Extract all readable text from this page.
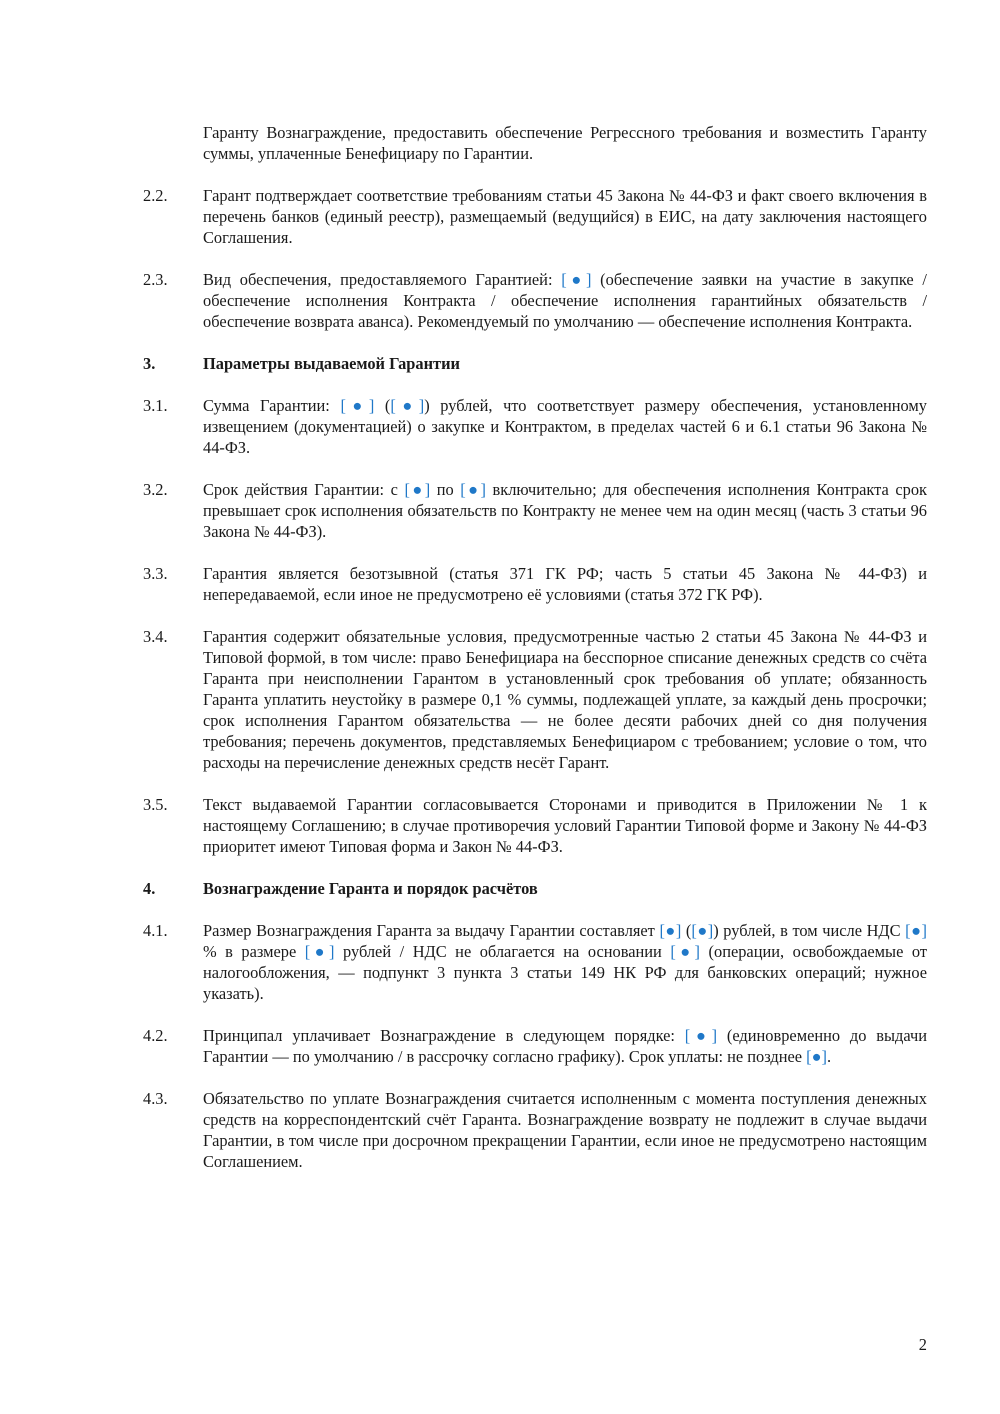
Гаранту Вознаграждение, предоставить обеспечение Регрессного требования и возместить Гаранту суммы, уплаченные Бенефициару по Гарантии.
2.2. Гарант подтверждает соответствие требованиям статьи 45 Закона № 44-ФЗ и факт своего включения в перечень банков (единый реестр), размещаемый (ведущийся) в ЕИС, на дату заключения настоящего Соглашения.
2.3. Вид обеспечения, предоставляемого Гарантией: [●] (обеспечение заявки на участие в закупке / обеспечение исполнения Контракта / обеспечение исполнения гарантийных обязательств / обеспечение возврата аванса). Рекомендуемый по умолчанию — обеспечение исполнения Контракта.
3.	Параметры выдаваемой Гарантии
3.1. Сумма Гарантии: [●] ([●]) рублей, что соответствует размеру обеспечения, установленному извещением (документацией) о закупке и Контрактом, в пределах частей 6 и 6.1 статьи 96 Закона № 44-ФЗ.
3.2. Срок действия Гарантии: с [●] по [●] включительно; для обеспечения исполнения Контракта срок превышает срок исполнения обязательств по Контракту не менее чем на один месяц (часть 3 статьи 96 Закона № 44-ФЗ).
3.3. Гарантия является безотзывной (статья 371 ГК РФ; часть 5 статьи 45 Закона № 44-ФЗ) и непередаваемой, если иное не предусмотрено её условиями (статья 372 ГК РФ).
3.4. Гарантия содержит обязательные условия, предусмотренные частью 2 статьи 45 Закона № 44-ФЗ и Типовой формой, в том числе: право Бенефициара на бесспорное списание денежных средств со счёта Гаранта при неисполнении Гарантом в установленный срок требования об уплате; обязанность Гаранта уплатить неустойку в размере 0,1 % суммы, подлежащей уплате, за каждый день просрочки; срок исполнения Гарантом обязательства — не более десяти рабочих дней со дня получения требования; перечень документов, представляемых Бенефициаром с требованием; условие о том, что расходы на перечисление денежных средств несёт Гарант.
3.5. Текст выдаваемой Гарантии согласовывается Сторонами и приводится в Приложении № 1 к настоящему Соглашению; в случае противоречия условий Гарантии Типовой форме и Закону № 44-ФЗ приоритет имеют Типовая форма и Закон № 44-ФЗ.
4.	Вознаграждение Гаранта и порядок расчётов
4.1. Размер Вознаграждения Гаранта за выдачу Гарантии составляет [●] ([●]) рублей, в том числе НДС [●] % в размере [●] рублей / НДС не облагается на основании [●] (операции, освобождаемые от налогообложения, — подпункт 3 пункта 3 статьи 149 НК РФ для банковских операций; нужное указать).
4.2. Принципал уплачивает Вознаграждение в следующем порядке: [●] (единовременно до выдачи Гарантии — по умолчанию / в рассрочку согласно графику). Срок уплаты: не позднее [●].
4.3. Обязательство по уплате Вознаграждения считается исполненным с момента поступления денежных средств на корреспондентский счёт Гаранта. Вознаграждение возврату не подлежит в случае выдачи Гарантии, в том числе при досрочном прекращении Гарантии, если иное не предусмотрено настоящим Соглашением.
2
